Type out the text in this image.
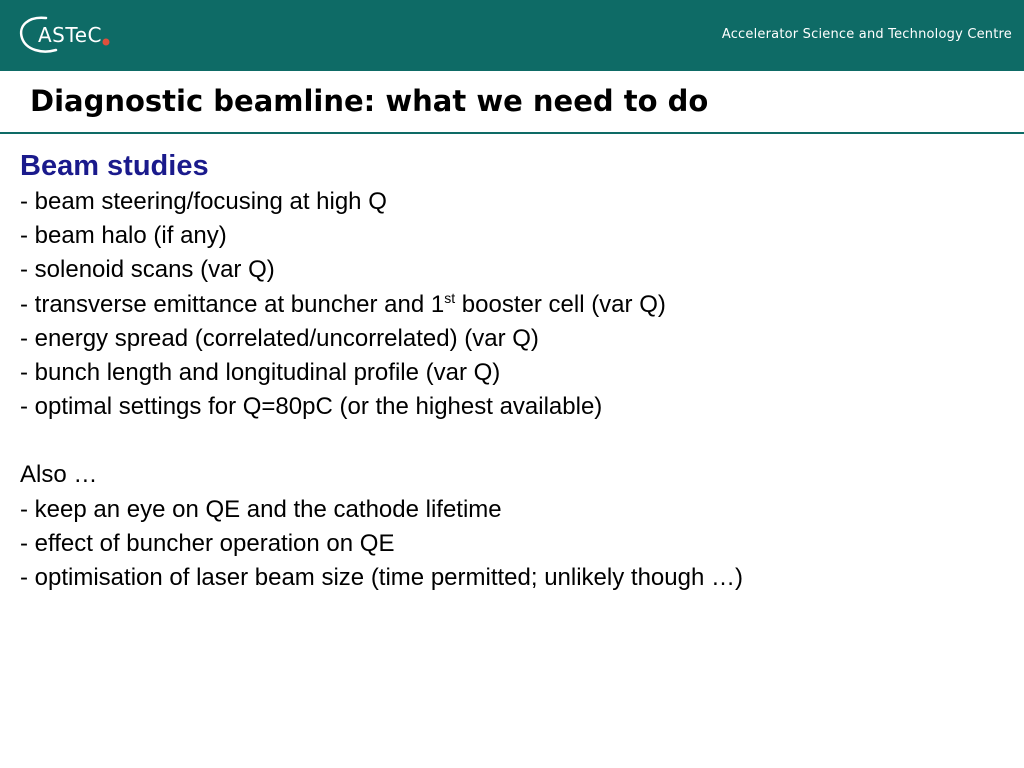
ASTeC	Accelerator Science and Technology Centre
Diagnostic beamline: what we need to do

Beam studies

- beam steering/focusing at high Q

- beam halo (if any)

- solenoid scans (var Q)

- transverse emittance at buncher and 1st booster cell (var Q)

- energy spread (correlated/uncorrelated) (var Q)

- bunch length and longitudinal profile (var Q)

- optimal settings for Q=80pC (or the highest available)

Also …

- keep an eye on QE and the cathode lifetime

- effect of buncher operation on QE

- optimisation of laser beam size (time permitted; unlikely though …)
